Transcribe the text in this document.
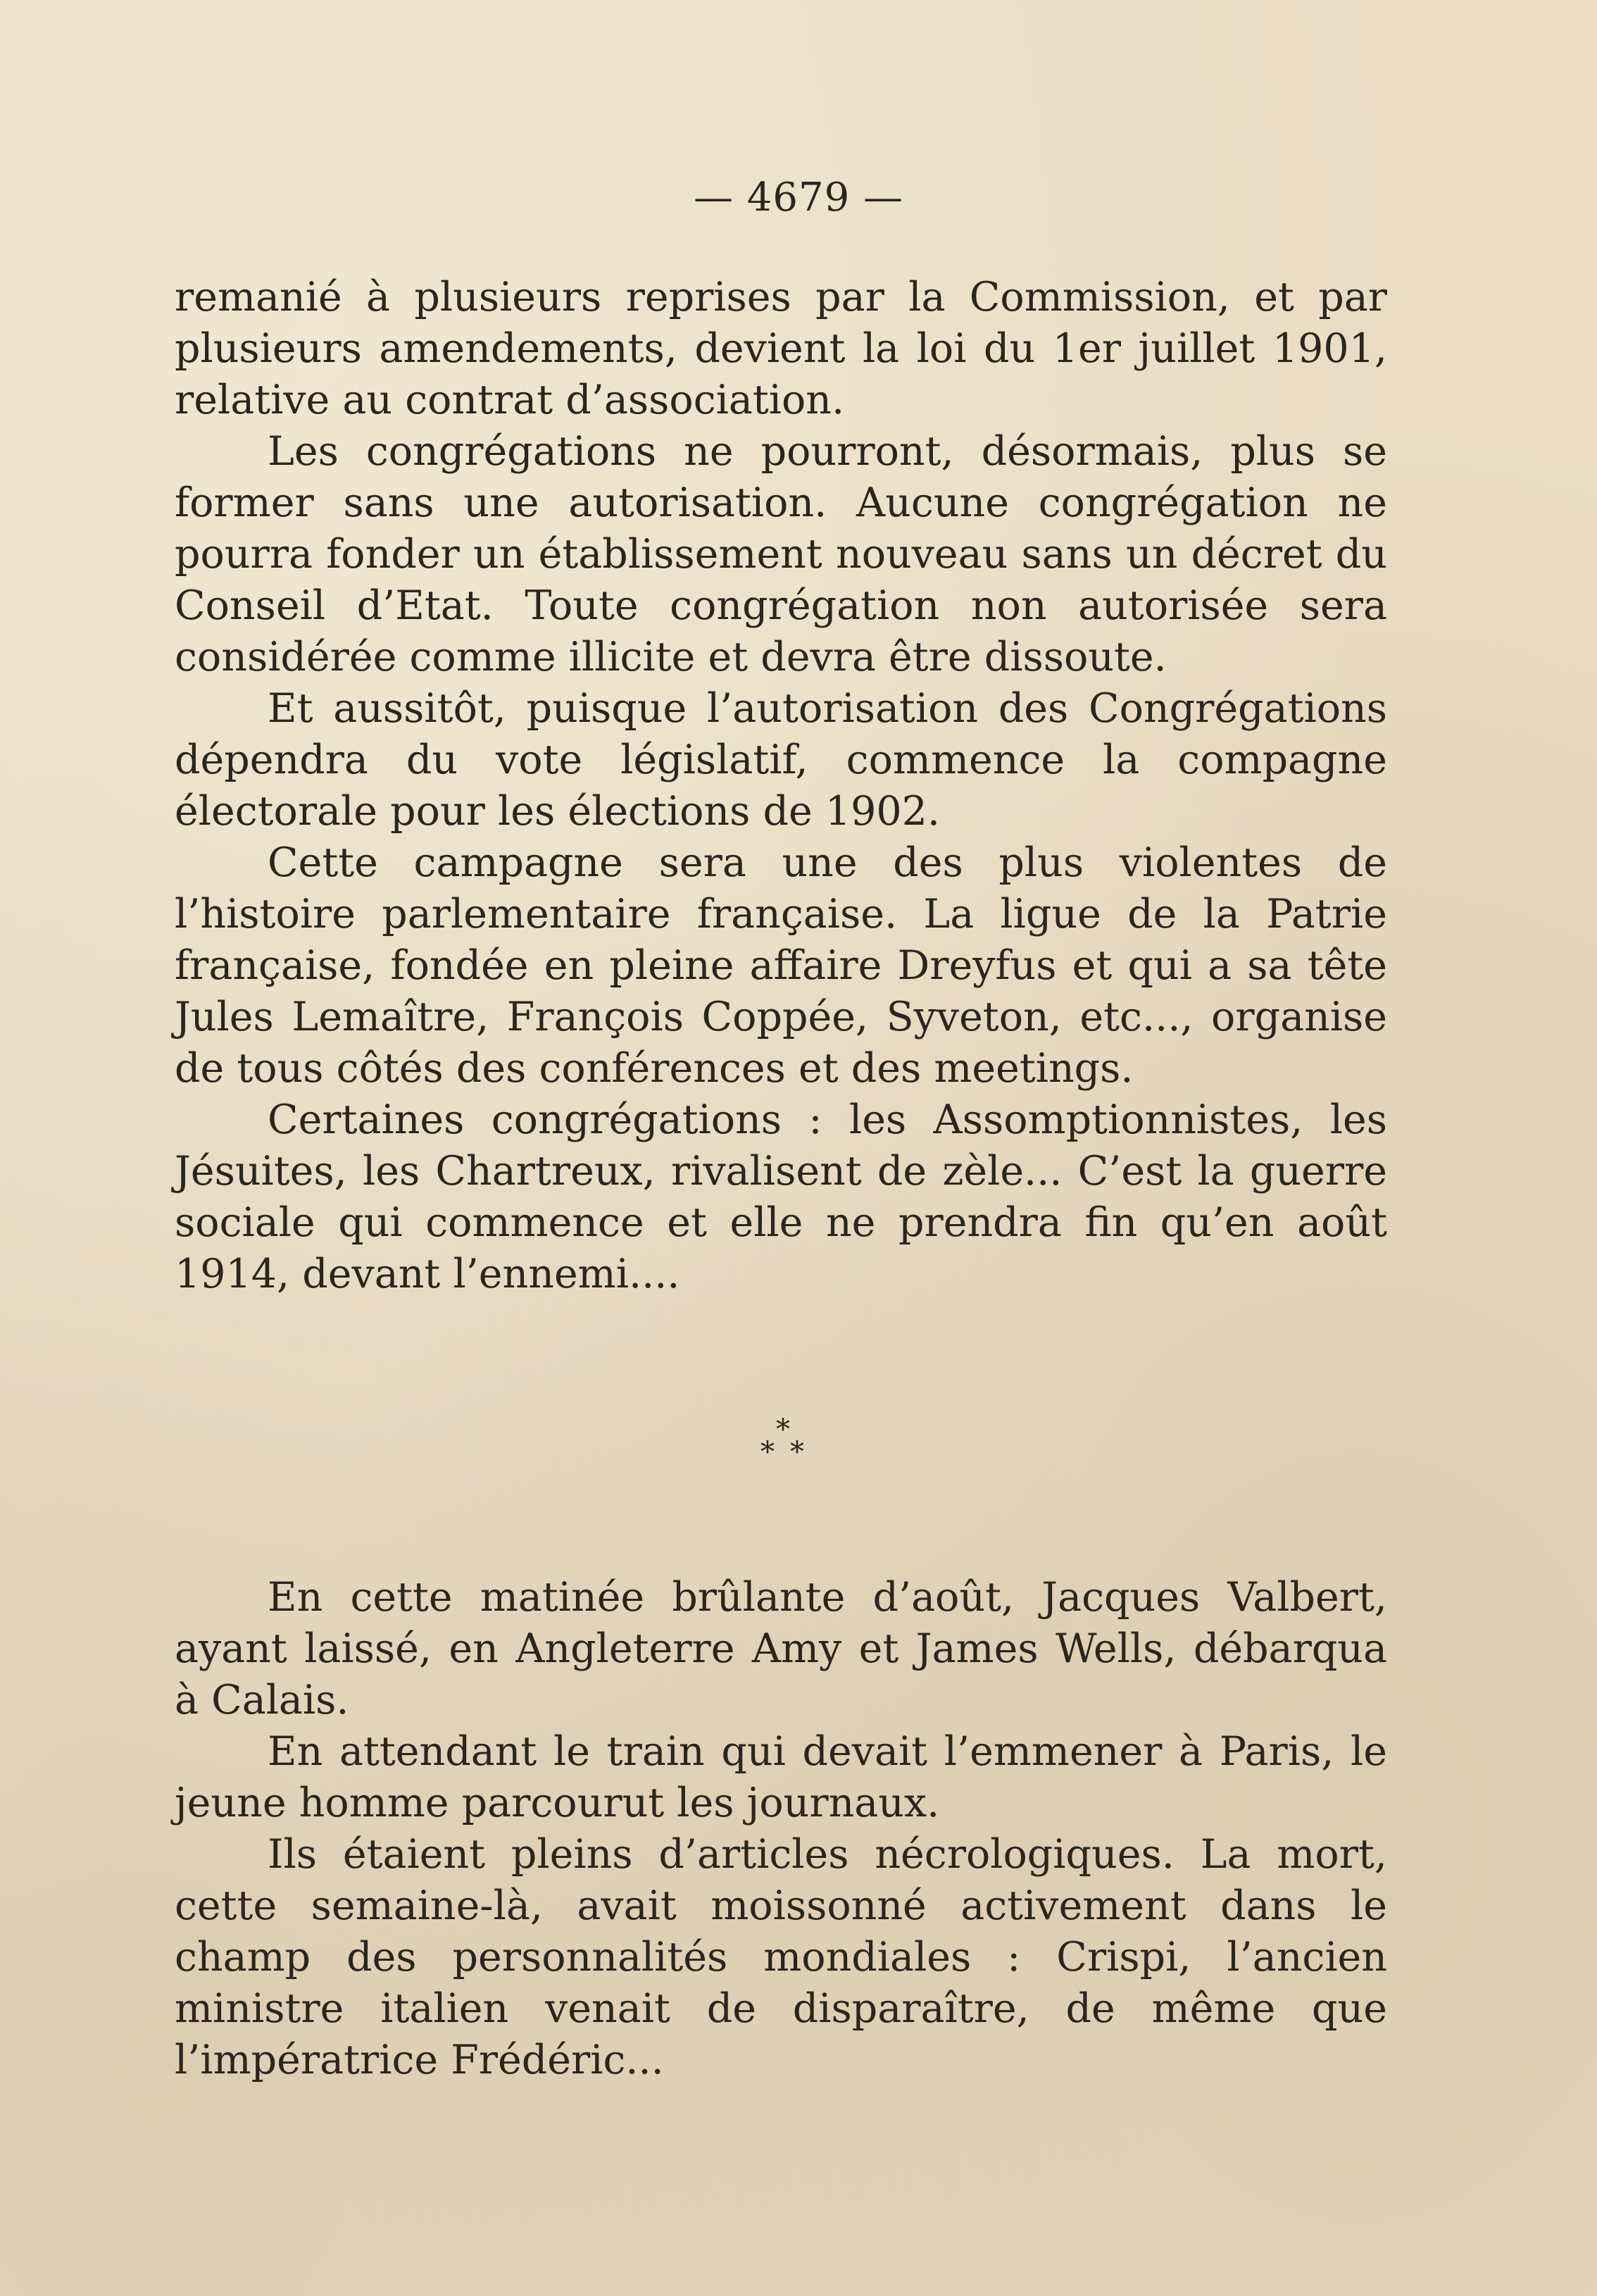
— 4679 —

remanié à plusieurs reprises par la Commission, et par plusieurs amendements, devient la loi du 1er juillet 1901, relative au contrat d’association.

Les congrégations ne pourront, désormais, plus se former sans une autorisation. Aucune congrégation ne pourra fonder un établissement nouveau sans un décret du Conseil d’Etat. Toute congrégation non autorisée sera considérée comme illicite et devra être dissoute.

Et aussitôt, puisque l’autorisation des Congrégations dépendra du vote législatif, commence la compagne électorale pour les élections de 1902.

Cette campagne sera une des plus violentes de l’histoire parlementaire française. La ligue de la Patrie française, fondée en pleine affaire Dreyfus et qui a sa tête Jules Lemaître, François Coppée, Syveton, etc..., organise de tous côtés des conférences et des meetings.

Certaines congrégations : les Assomptionnistes, les Jésuites, les Chartreux, rivalisent de zèle... C’est la guerre sociale qui commence et elle ne prendra fin qu’en août 1914, devant l’ennemi....

*
* *

En cette matinée brûlante d’août, Jacques Valbert, ayant laissé, en Angleterre Amy et James Wells, débarqua à Calais.

En attendant le train qui devait l’emmener à Paris, le jeune homme parcourut les journaux.

Ils étaient pleins d’articles nécrologiques. La mort, cette semaine-là, avait moissonné activement dans le champ des personnalités mondiales : Crispi, l’ancien ministre italien venait de disparaître, de même que l’impératrice Frédéric...
